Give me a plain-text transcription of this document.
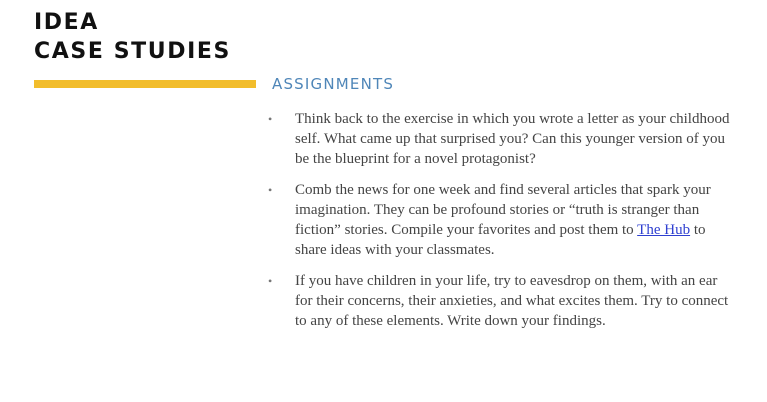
IDEA
CASE STUDIES
ASSIGNMENTS
• Think back to the exercise in which you wrote a letter as your childhood self. What came up that surprised you? Can this younger version of you be the blueprint for a novel protagonist?
• Comb the news for one week and find several articles that spark your imagination. They can be profound stories or “truth is stranger than fiction” stories. Compile your favorites and post them to The Hub to share ideas with your classmates.
• If you have children in your life, try to eavesdrop on them, with an ear for their concerns, their anxieties, and what excites them. Try to connect to any of these elements. Write down your findings.
